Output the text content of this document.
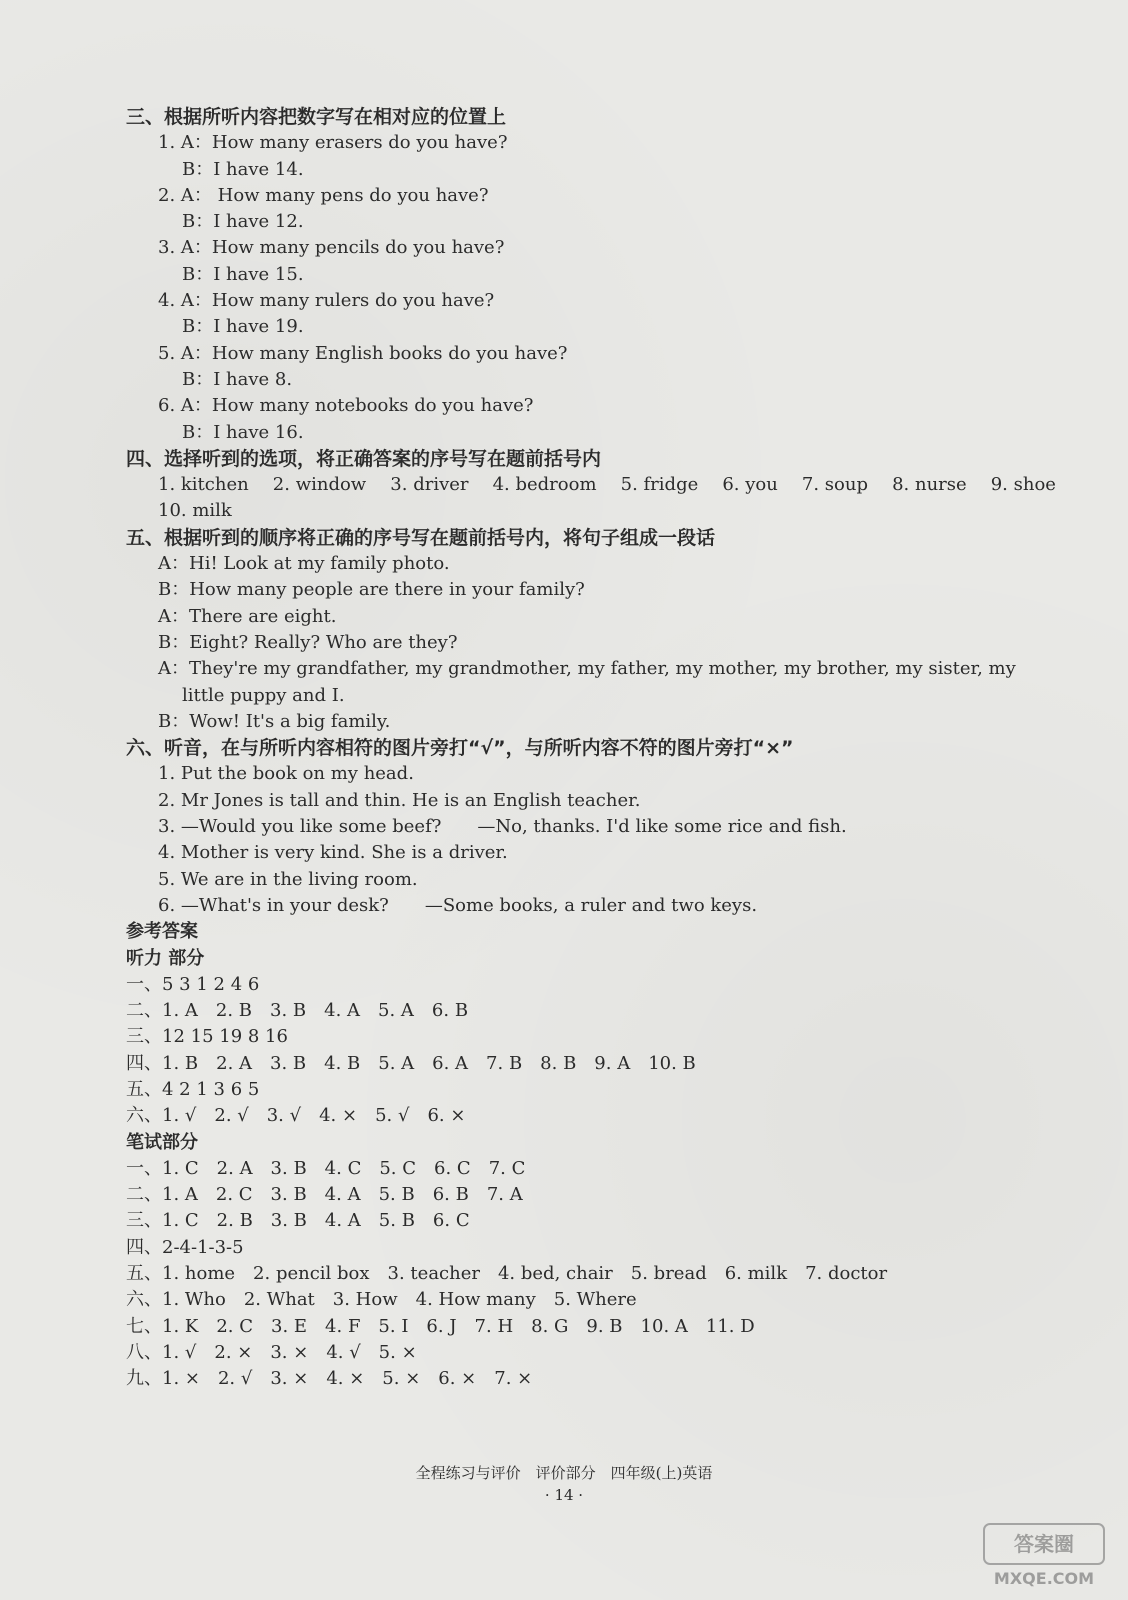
三、根据所听内容把数字写在相对应的位置上
1. A：How many erasers do you have?
B：I have 14.
2. A： How many pens do you have?
B：I have 12.
3. A：How many pencils do you have?
B：I have 15.
4. A：How many rulers do you have?
B：I have 19.
5. A：How many English books do you have?
B：I have 8.
6. A：How many notebooks do you have?
B：I have 16.
四、选择听到的选项，将正确答案的序号写在题前括号内
1. kitchen 2. window 3. driver 4. bedroom 5. fridge 6. you 7. soup 8. nurse 9. shoe
10. milk
五、根据听到的顺序将正确的序号写在题前括号内，将句子组成一段话
A：Hi! Look at my family photo.
B：How many people are there in your family?
A：There are eight.
B：Eight? Really? Who are they?
A：They're my grandfather, my grandmother, my father, my mother, my brother, my sister, my
little puppy and I.
B：Wow! It's a big family.
六、听音，在与所听内容相符的图片旁打“√”，与所听内容不符的图片旁打“×”
1. Put the book on my head.
2. Mr Jones is tall and thin. He is an English teacher.
3. —Would you like some beef?　　—No, thanks. I'd like some rice and fish.
4. Mother is very kind. She is a driver.
5. We are in the living room.
6. —What's in your desk?　　—Some books, a ruler and two keys.
参考答案
听力 部分
一、5 3 1 2 4 6
二、1. A　2. B　3. B　4. A　5. A　6. B
三、12 15 19 8 16
四、1. B　2. A　3. B　4. B　5. A　6. A　7. B　8. B　9. A　10. B
五、4 2 1 3 6 5
六、1. √　2. √　3. √　4. ×　5. √　6. ×
笔试部分
一、1. C　2. A　3. B　4. C　5. C　6. C　7. C
二、1. A　2. C　3. B　4. A　5. B　6. B　7. A
三、1. C　2. B　3. B　4. A　5. B　6. C
四、2-4-1-3-5
五、1. home　2. pencil box　3. teacher　4. bed, chair　5. bread　6. milk　7. doctor
六、1. Who　2. What　3. How　4. How many　5. Where
七、1. K　2. C　3. E　4. F　5. I　6. J　7. H　8. G　9. B　10. A　11. D
八、1. √　2. ×　3. ×　4. √　5. ×
九、1. ×　2. √　3. ×　4. ×　5. ×　6. ×　7. ×
全程练习与评价　评价部分　四年级(上)英语
· 14 ·
答案圈
MXQE.COM
